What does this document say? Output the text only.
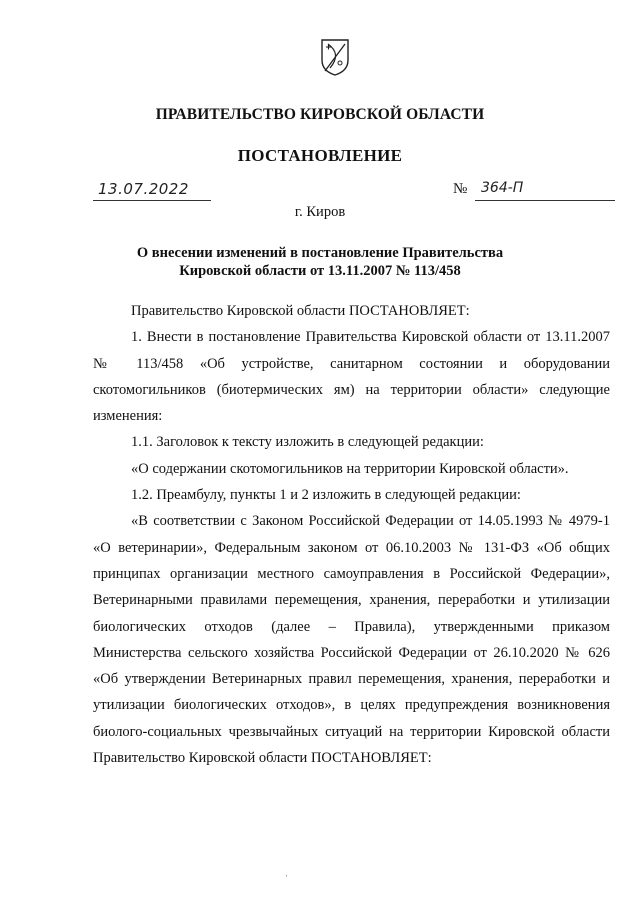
ПРАВИТЕЛЬСТВО КИРОВСКОЙ ОБЛАСТИ
ПОСТАНОВЛЕНИЕ
13.07.2022	№ 364-П
г. Киров
О внесении изменений в постановление Правительства
Кировской области от 13.11.2007 № 113/458

Правительство Кировской области ПОСТАНОВЛЯЕТ:

1. Внести в постановление Правительства Кировской области от 13.11.2007 № 113/458 «Об устройстве, санитарном состоянии и оборудовании скотомогильников (биотермических ям) на территории области» следующие изменения:

1.1. Заголовок к тексту изложить в следующей редакции:

«О содержании скотомогильников на территории Кировской области».

1.2. Преамбулу, пункты 1 и 2 изложить в следующей редакции:

«В соответствии с Законом Российской Федерации от 14.05.1993 № 4979-1 «О ветеринарии», Федеральным законом от 06.10.2003 № 131-ФЗ «Об общих принципах организации местного самоуправления в Российской Федерации», Ветеринарными правилами перемещения, хранения, переработки и утилизации биологических отходов (далее – Правила), утвержденными приказом Министерства сельского хозяйства Российской Федерации от 26.10.2020 № 626 «Об утверждении Ветеринарных правил перемещения, хранения, переработки и утилизации биологических отходов», в целях предупреждения возникновения биолого-социальных чрезвычайных ситуаций на территории Кировской области Правительство Кировской области ПОСТАНОВЛЯЕТ:

ˈ
